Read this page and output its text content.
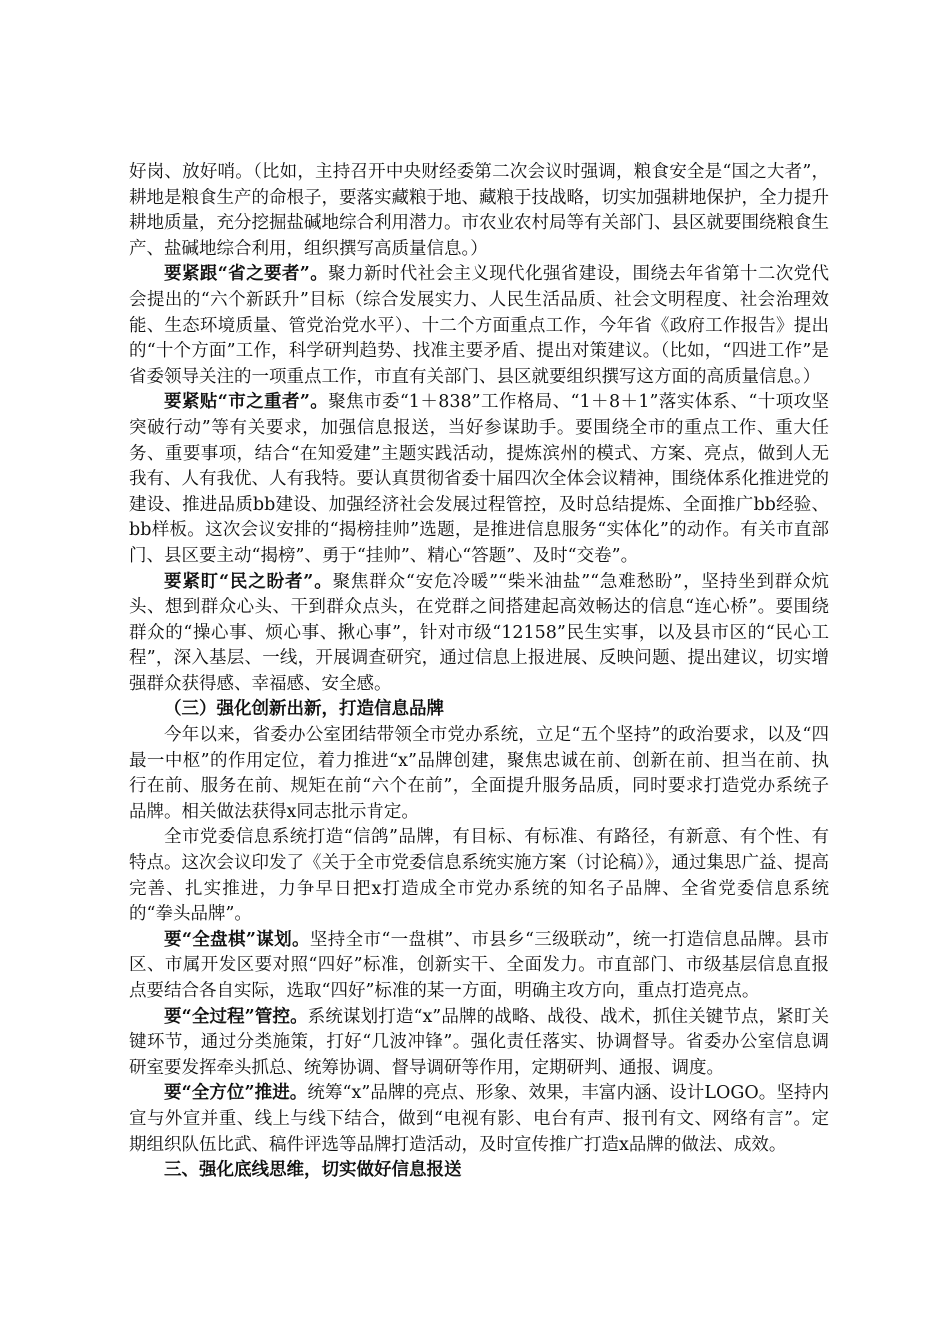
好岗、放好哨。（比如，主持召开中央财经委第二次会议时强调，粮食安全是“国之大者”，耕地是粮食生产的命根子，要落实藏粮于地、藏粮于技战略，切实加强耕地保护，全力提升耕地质量，充分挖掘盐碱地综合利用潜力。市农业农村局等有关部门、县区就要围绕粮食生产、盐碱地综合利用，组织撰写高质量信息。）

要紧跟“省之要者”。聚力新时代社会主义现代化强省建设，围绕去年省第十二次党代会提出的“六个新跃升”目标（综合发展实力、人民生活品质、社会文明程度、社会治理效能、生态环境质量、管党治党水平）、十二个方面重点工作，今年省《政府工作报告》提出的“十个方面”工作，科学研判趋势、找准主要矛盾、提出对策建议。（比如，“四进工作”是省委领导关注的一项重点工作，市直有关部门、县区就要组织撰写这方面的高质量信息。）

要紧贴“市之重者”。聚焦市委“1＋838”工作格局、“1＋8＋1”落实体系、“十项攻坚突破行动”等有关要求，加强信息报送，当好参谋助手。要围绕全市的重点工作、重大任务、重要事项，结合“在知爱建”主题实践活动，提炼滨州的模式、方案、亮点，做到人无我有、人有我优、人有我特。要认真贯彻省委十届四次全体会议精神，围绕体系化推进党的建设、推进品质bb建设、加强经济社会发展过程管控，及时总结提炼、全面推广bb经验、bb样板。这次会议安排的“揭榜挂帅”选题，是推进信息服务“实体化”的动作。有关市直部门、县区要主动“揭榜”、勇于“挂帅”、精心“答题”、及时“交卷”。

要紧盯“民之盼者”。聚焦群众“安危冷暖”“柴米油盐”“急难愁盼”，坚持坐到群众炕头、想到群众心头、干到群众点头，在党群之间搭建起高效畅达的信息“连心桥”。要围绕群众的“操心事、烦心事、揪心事”，针对市级“12158”民生实事，以及县市区的“民心工程”，深入基层、一线，开展调查研究，通过信息上报进展、反映问题、提出建议，切实增强群众获得感、幸福感、安全感。

（三）强化创新出新，打造信息品牌

今年以来，省委办公室团结带领全市党办系统，立足“五个坚持”的政治要求，以及“四最一中枢”的作用定位，着力推进“x”品牌创建，聚焦忠诚在前、创新在前、担当在前、执行在前、服务在前、规矩在前“六个在前”，全面提升服务品质，同时要求打造党办系统子品牌。相关做法获得x同志批示肯定。

全市党委信息系统打造“信鸽”品牌，有目标、有标准、有路径，有新意、有个性、有特点。这次会议印发了《关于全市党委信息系统实施方案（讨论稿）》，通过集思广益、提高完善、扎实推进，力争早日把x打造成全市党办系统的知名子品牌、全省党委信息系统的“拳头品牌”。

要“全盘棋”谋划。坚持全市“一盘棋”、市县乡“三级联动”，统一打造信息品牌。县市区、市属开发区要对照“四好”标准，创新实干、全面发力。市直部门、市级基层信息直报点要结合各自实际，选取“四好”标准的某一方面，明确主攻方向，重点打造亮点。

要“全过程”管控。系统谋划打造“x”品牌的战略、战役、战术，抓住关键节点，紧盯关键环节，通过分类施策，打好“几波冲锋”。强化责任落实、协调督导。省委办公室信息调研室要发挥牵头抓总、统筹协调、督导调研等作用，定期研判、通报、调度。

要“全方位”推进。统筹“x”品牌的亮点、形象、效果，丰富内涵、设计LOGO。坚持内宣与外宣并重、线上与线下结合，做到“电视有影、电台有声、报刊有文、网络有言”。定期组织队伍比武、稿件评选等品牌打造活动，及时宣传推广打造x品牌的做法、成效。

三、强化底线思维，切实做好信息报送
